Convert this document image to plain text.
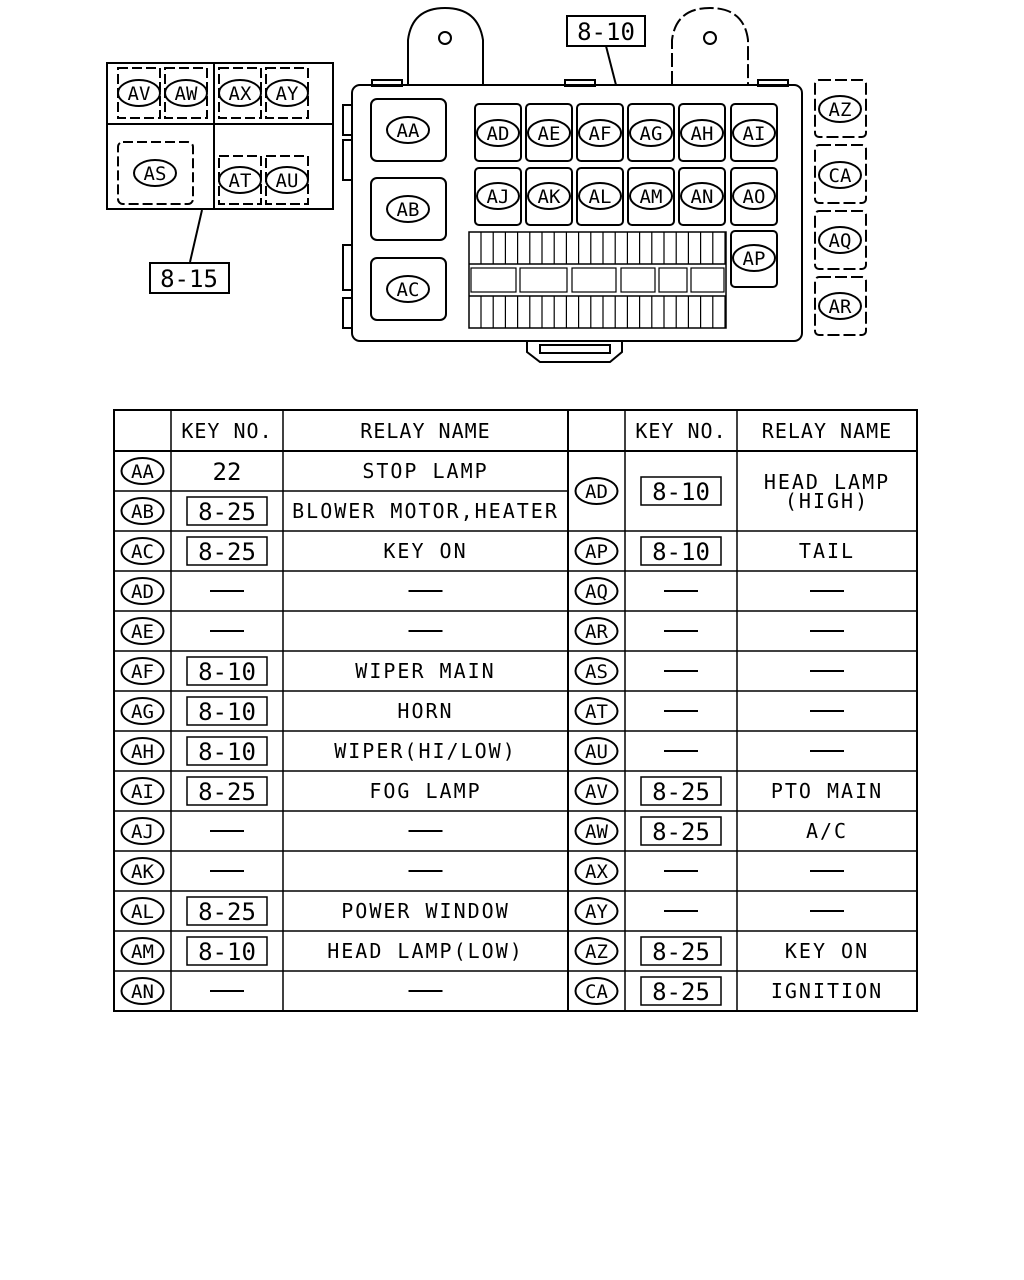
AV AW AX AY
AS	AT AU
8-15
AA
AB
AC
AD AE AF AG AH AI
AJ AK AL AM AN AO
AP
8-10
AZ
CA
AQ
AR
KEY NO.	RELAY NAME	KEY NO. RELAY NAME
AA 22	STOP LAMP
AB 8-25 BLOWER MOTOR,HEATER
AC 8-25	KEY ON
AD	—	—
AE	—	—
AF 8-10	WIPER MAIN
AG 8-10	HORN
AH 8-10	WIPER(HI/LOW)
AI 8-25	FOG LAMP
AJ	—	—
AK	—	—
AL 8-25	POWER WINDOW
AM 8-10	HEAD LAMP(LOW)
AN	—	—
AD 8-10	HEAD LAMP
(HIGH)
AP 8-10	TAIL
AQ	—	—
AR	—	—
AS	—	—
AT	—	—
AU	—	—
AV 8-25	PTO MAIN
AW 8-25	A/C
AX	—	—
AY	—	—
AZ 8-25	KEY ON
CA 8-25	IGNITION
